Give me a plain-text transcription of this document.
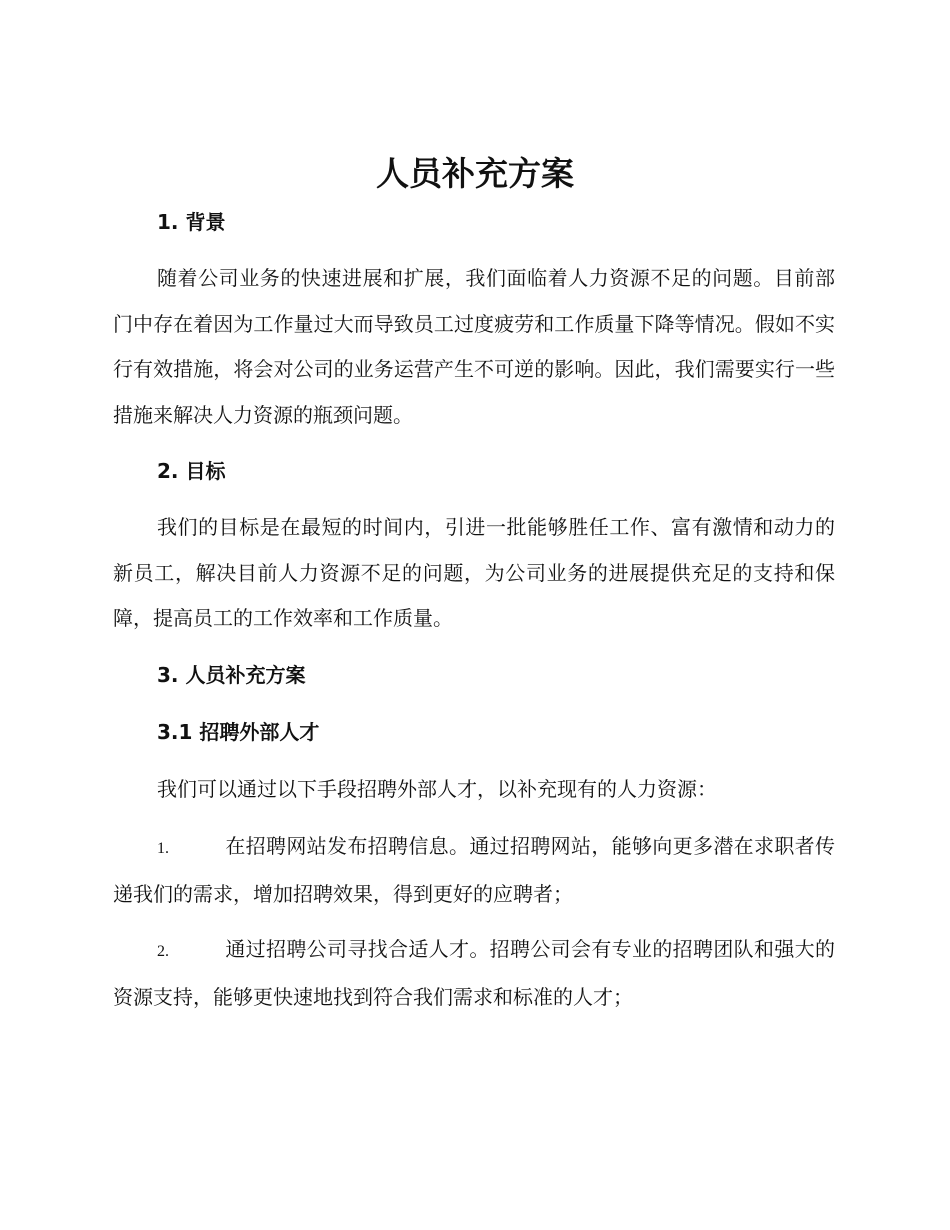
人员补充方案
1. 背景

随着公司业务的快速进展和扩展，我们面临着人力资源不足的问题。目前部门中存在着因为工作量过大而导致员工过度疲劳和工作质量下降等情况。假如不实行有效措施，将会对公司的业务运营产生不可逆的影响。因此，我们需要实行一些措施来解决人力资源的瓶颈问题。

2. 目标

我们的目标是在最短的时间内，引进一批能够胜任工作、富有激情和动力的新员工，解决目前人力资源不足的问题，为公司业务的进展提供充足的支持和保障，提高员工的工作效率和工作质量。

3. 人员补充方案
3.1 招聘外部人才

我们可以通过以下手段招聘外部人才，以补充现有的人力资源：

1.	在招聘网站发布招聘信息。通过招聘网站，能够向更多潜在求职者传递我们的需求，增加招聘效果，得到更好的应聘者；

2.	通过招聘公司寻找合适人才。招聘公司会有专业的招聘团队和强大的资源支持，能够更快速地找到符合我们需求和标准的人才；
